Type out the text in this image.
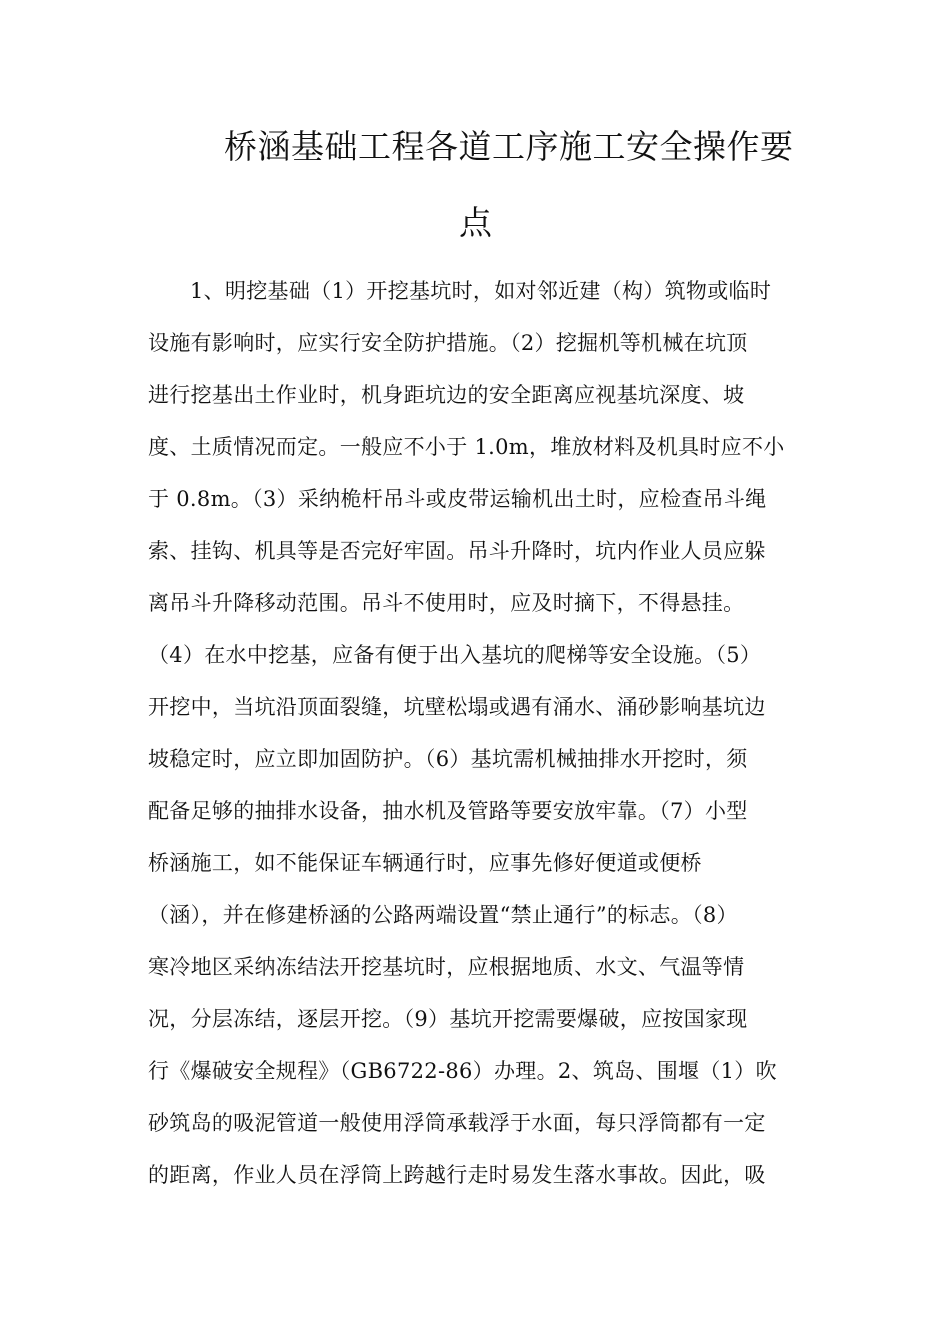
桥涵基础工程各道工序施工安全操作要
点
1、明挖基础（1）开挖基坑时，如对邻近建（构）筑物或临时
设施有影响时，应实行安全防护措施。（2）挖掘机等机械在坑顶
进行挖基出土作业时，机身距坑边的安全距离应视基坑深度、坡
度、土质情况而定。一般应不小于 1.0m，堆放材料及机具时应不小
于 0.8m。（3）采纳桅杆吊斗或皮带运输机出土时，应检查吊斗绳
索、挂钩、机具等是否完好牢固。吊斗升降时，坑内作业人员应躲
离吊斗升降移动范围。吊斗不使用时，应及时摘下，不得悬挂。
（4）在水中挖基，应备有便于出入基坑的爬梯等安全设施。（5）
开挖中，当坑沿顶面裂缝，坑壁松塌或遇有涌水、涌砂影响基坑边
坡稳定时，应立即加固防护。（6）基坑需机械抽排水开挖时，须
配备足够的抽排水设备，抽水机及管路等要安放牢靠。（7）小型
桥涵施工，如不能保证车辆通行时，应事先修好便道或便桥
（涵），并在修建桥涵的公路两端设置“禁止通行”的标志。（8）
寒冷地区采纳冻结法开挖基坑时，应根据地质、水文、气温等情
况，分层冻结，逐层开挖。（9）基坑开挖需要爆破，应按国家现
行《爆破安全规程》（GB6722-86）办理。2、筑岛、围堰（1）吹
砂筑岛的吸泥管道一般使用浮筒承载浮于水面，每只浮筒都有一定
的距离，作业人员在浮筒上跨越行走时易发生落水事故。因此，吸
